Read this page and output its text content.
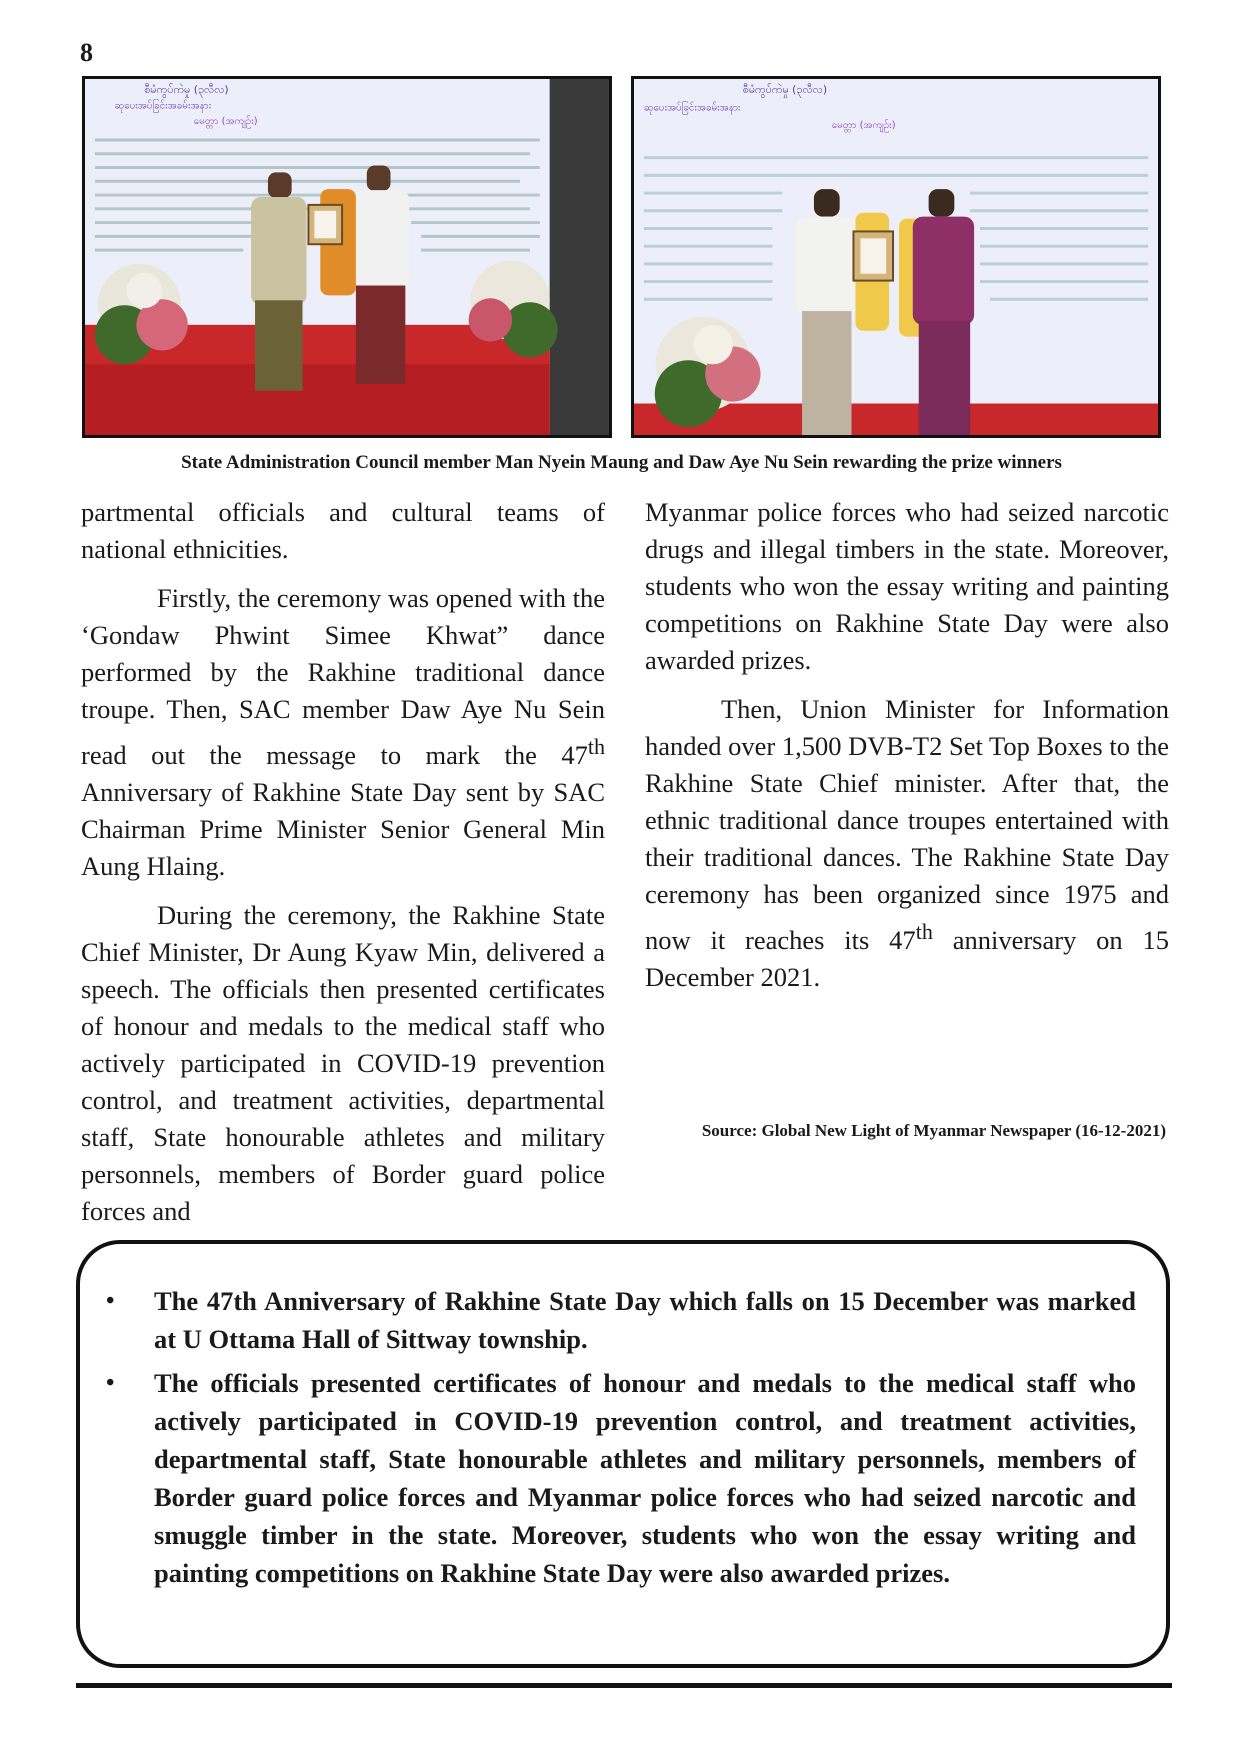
8
စီမံကွပ်ကဲမှု (၃လီလ)
ဆုပေးအပ်ခြင်းအခမ်းအနား
မေတ္တာ (အကျဉ်း)
စီမံကွပ်ကဲမှု (၃လီလ)
ဆုပေးအပ်ခြင်းအခမ်းအနား
မေတ္တာ (အကျဉ်း)
State Administration Council member Man Nyein Maung and Daw Aye Nu Sein rewarding the prize winners

partmental officials and cultural teams of national ethnicities.

Firstly, the ceremony was opened with the ‘Gondaw Phwint Simee Khwat” dance performed by the Rakhine traditional dance troupe. Then, SAC member Daw Aye Nu Sein read out the message to mark the 47th Anniversary of Rakhine State Day sent by SAC Chairman Prime Minister Senior General Min Aung Hlaing.

During the ceremony, the Rakhine State Chief Minister, Dr Aung Kyaw Min, delivered a speech. The officials then presented certificates of honour and medals to the medical staff who actively participated in COVID-19 prevention control, and treatment activities, departmental staff, State honourable athletes and military personnels, members of Border guard police forces and

Myanmar police forces who had seized narcotic drugs and illegal timbers in the state. Moreover, students who won the essay writing and painting competitions on Rakhine State Day were also awarded prizes.

Then, Union Minister for Information handed over 1,500 DVB-T2 Set Top Boxes to the Rakhine State Chief minister. After that, the ethnic traditional dance troupes entertained with their traditional dances. The Rakhine State Day ceremony has been organized since 1975 and now it reaches its 47th anniversary on 15 December 2021.

Source: Global New Light of Myanmar Newspaper (16-12-2021)
• The 47th Anniversary of Rakhine State Day which falls on 15 December was marked at U Ottama Hall of Sittway township.
• The officials presented certificates of honour and medals to the medical staff who actively participated in COVID-19 prevention control, and treatment activities, departmental staff, State honourable athletes and military personnels, members of Border guard police forces and Myanmar police forces who had seized narcotic and smuggle timber in the state. Moreover, students who won the essay writing and painting competitions on Rakhine State Day were also awarded prizes.
